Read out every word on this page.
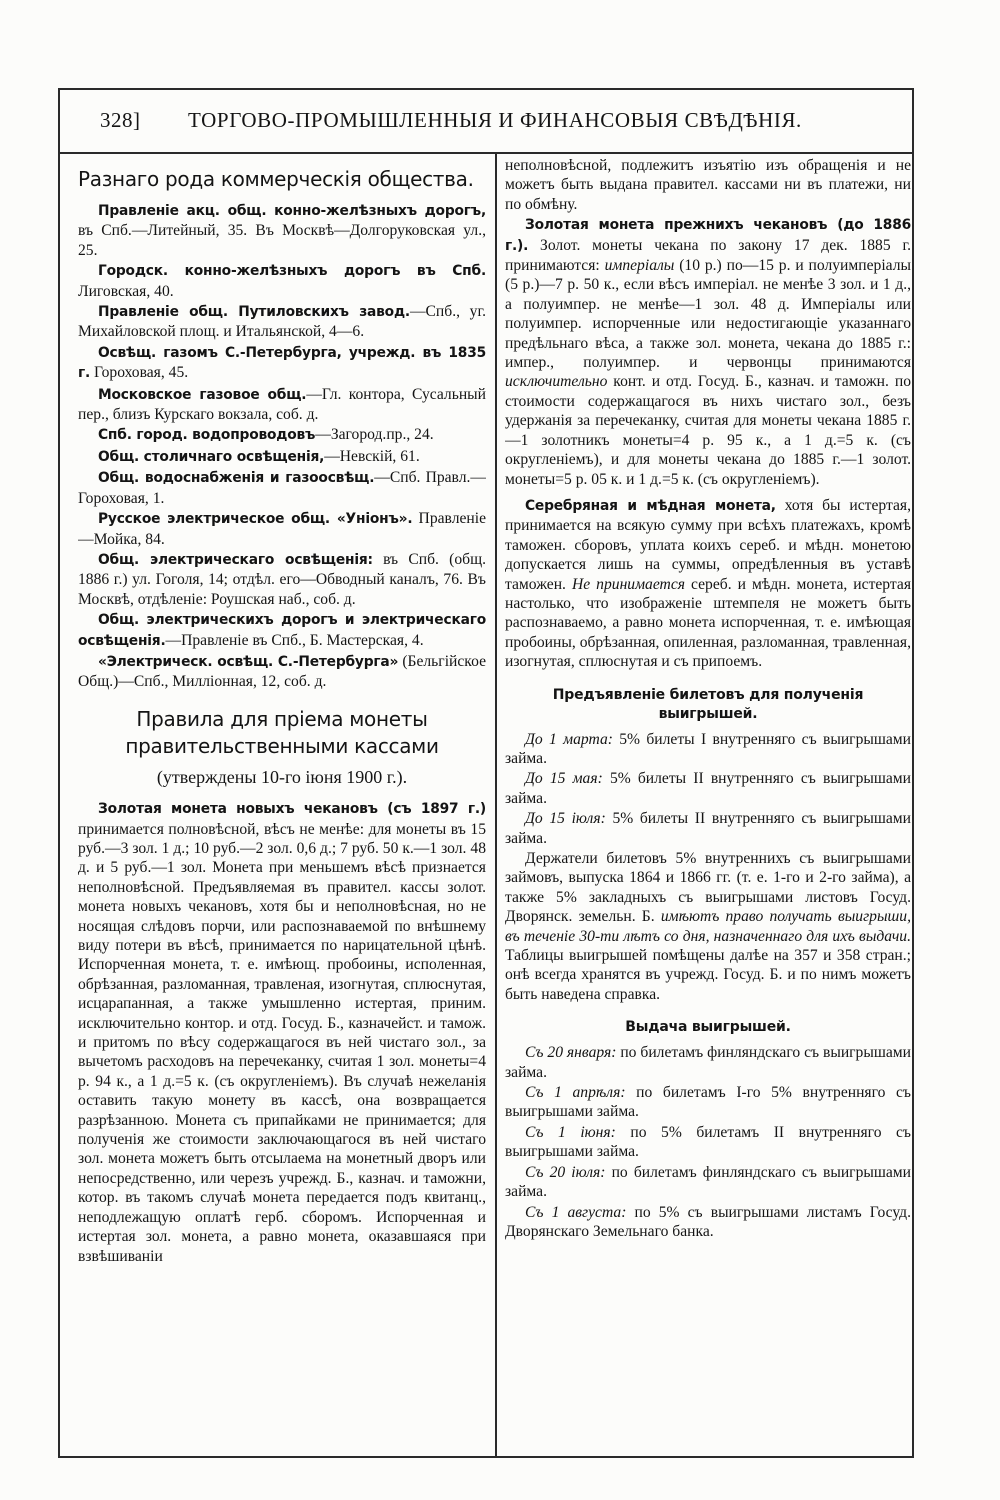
328] ТОРГОВО-ПРОМЫШЛЕННЫЯ И ФИНАНСОВЫЯ СВѢДѢНIЯ.
Разнаго рода коммерческія общества.

Правленіе акц. общ. конно-желѣзныхъ дорогъ, въ Спб.—Литейный, 35. Въ Москвѣ—Долгоруковская ул., 25.

Городск. конно-желѣзныхъ дорогъ въ Спб. Лиговская, 40.

Правленіе общ. Путиловскихъ завод.—Спб., уг. Михайловской площ. и Итальянской, 4—6.

Освѣщ. газомъ С.-Петербурга, учрежд. въ 1835 г. Гороховая, 45.

Московское газовое общ.—Гл. контора, Сусальный пер., близъ Курскаго вокзала, соб. д.

Спб. город. водопроводовъ—Загород.пр., 24.

Общ. столичнаго освѣщенія,—Невскій, 61.

Общ. водоснабженія и газоосвѣщ.—Спб. Правл.—Гороховая, 1.

Русское электрическое общ. «Уніонъ». Правленіе—Мойка, 84.

Общ. электрическаго освѣщенія: въ Спб. (общ. 1886 г.) ул. Гоголя, 14; отдѣл. его—Обводный каналъ, 76. Въ Москвѣ, отдѣленіе: Роушская наб., соб. д.

Общ. электрическихъ дорогъ и электрическаго освѣщенія.—Правленіе въ Спб., Б. Мастерская, 4.

«Электрическ. освѣщ. С.-Петербурга» (Бельгійское Общ.)—Спб., Милліонная, 12, соб. д.

Правила для пріема монеты правительственными кассами
(утверждены 10-го іюня 1900 г.).

Золотая монета новыхъ чекановъ (съ 1897 г.) принимается полновѣсной, вѣсъ не менѣе: для монеты въ 15 руб.—3 зол. 1 д.; 10 руб.—2 зол. 0,6 д.; 7 руб. 50 к.—1 зол. 48 д. и 5 руб.—1 зол. Монета при меньшемъ вѣсѣ признается неполновѣсной. Предъявляемая въ правител. кассы золот. монета новыхъ чекановъ, хотя бы и неполновѣсная, но не носящая слѣдовъ порчи, или распознаваемой по внѣшнему виду потери въ вѣсѣ, принимается по нарицательной цѣнѣ. Испорченная монета, т. е. имѣющ. пробоины, исполенная, обрѣзанная, разломанная, травленая, изогнутая, сплюснутая, исцарапанная, а также умышленно истертая, приним. исключительно контор. и отд. Госуд. Б., казначейст. и тамож. и притомъ по вѣсу содержащагося въ ней чистаго зол., за вычетомъ расходовъ на перечеканку, считая 1 зол. монеты=4 р. 94 к., а 1 д.=5 к. (съ округленіемъ). Въ случаѣ нежеланія оставить такую монету въ кассѣ, она возвращается разрѣзанною. Монета съ припайками не принимается; для полученія же стоимости заключающагося въ ней чистаго зол. монета можетъ быть отсылаема на монетный дворъ или непосредственно, или черезъ учрежд. Б., казнач. и таможни, котор. въ такомъ случаѣ монета передается подъ квитанц., неподлежащую оплатѣ герб. сборомъ. Испорченная и истертая зол. монета, а равно монета, оказавшаяся при взвѣшиваніи

неполновѣсной, подлежитъ изъятію изъ обращенія и не можетъ быть выдана правител. кассами ни въ платежи, ни по обмѣну.

Золотая монета прежнихъ чекановъ (до 1886 г.). Золот. монеты чекана по закону 17 дек. 1885 г. принимаются: имперіалы (10 р.) по—15 р. и полуимперіалы (5 р.)—7 р. 50 к., если вѣсъ имперіал. не менѣе 3 зол. и 1 д., а полуимпер. не менѣе—1 зол. 48 д. Имперіалы или полуимпер. испорченные или недостигающіе указаннаго предѣльнаго вѣса, а также зол. монета, чекана до 1885 г.: импер., полуимпер. и червонцы принимаются исключительно конт. и отд. Госуд. Б., казнач. и таможн. по стоимости содержащагося въ нихъ чистаго зол., безъ удержанія за перечеканку, считая для монеты чекана 1885 г.—1 золотникъ монеты=4 р. 95 к., а 1 д.=5 к. (съ округленіемъ), и для монеты чекана до 1885 г.—1 золот. монеты=5 р. 05 к. и 1 д.=5 к. (съ округленіемъ).

Серебряная и мѣдная монета, хотя бы истертая, принимается на всякую сумму при всѣхъ платежахъ, кромѣ таможен. сборовъ, уплата коихъ сереб. и мѣдн. монетою допускается лишь на суммы, опредѣленныя въ уставѣ таможен. Не принимается сереб. и мѣдн. монета, истертая настолько, что изображеніе штемпеля не можетъ быть распознаваемо, а равно монета испорченная, т. е. имѣющая пробоины, обрѣзанная, опиленная, разломанная, травленная, изогнутая, сплюснутая и съ припоемъ.

Предъявленіе билетовъ для полученія выигрышей.

До 1 марта: 5% билеты I внутренняго съ выигрышами займа.

До 15 мая: 5% билеты II внутренняго съ выигрышами займа.

До 15 іюля: 5% билеты II внутренняго съ выигрышами займа.

Держатели билетовъ 5% внутреннихъ съ выигрышами займовъ, выпуска 1864 и 1866 гг. (т. е. 1-го и 2-го займа), а также 5% закладныхъ съ выигрышами листовъ Госуд. Дворянск. земельн. Б. имѣютъ право получать выигрыши, въ теченіе 30-ти лѣтъ со дня, назначеннаго для ихъ выдачи. Таблицы выигрышей помѣщены далѣе на 357 и 358 стран.; онѣ всегда хранятся въ учрежд. Госуд. Б. и по нимъ можетъ быть наведена справка.

Выдача выигрышей.

Съ 20 января: по билетамъ финляндскаго съ выигрышами займа.

Съ 1 апрѣля: по билетамъ I-го 5% внутренняго съ выигрышами займа.

Съ 1 іюня: по 5% билетамъ II внутренняго съ выигрышами займа.

Съ 20 іюля: по билетамъ финляндскаго съ выигрышами займа.

Съ 1 августа: по 5% съ выигрышами листамъ Госуд. Дворянскаго Земельнаго банка.
